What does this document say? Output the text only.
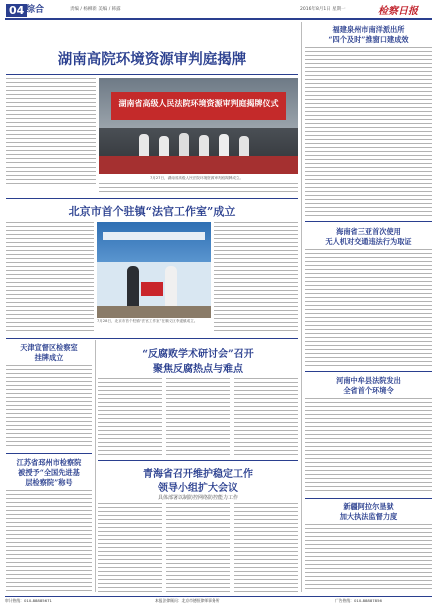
04 综合	责编 / 杨柳新 美编 / 韩露	2016年8月1日 星期一	检察日报
湖南高院环境资源审判庭揭牌
湖南省高级人民法院环境资源审判庭揭牌仪式
7月27日，湖南省高级人民法院环境资源审判庭揭牌成立。
福建泉州市南洋派出所
“四个及时”推窗口建成效
海南省三亚首次使用
无人机对交通违法行为取证
河南中牟县法院发出
全省首个环境令
新疆阿拉尔垦狱
加大执法监督力度
北京市首个驻镇“法官工作室”成立
7月28日，北京市首个驻镇“法官工作室”在顺义区李遂镇成立。
天津宣督区检察室
挂牌成立
江苏省邳州市检察院
被授予“全国先进基
层检察院”称号
“反腐败学术研讨会”召开
聚焦反腐热点与难点
青海省召开维护稳定工作
领导小组扩大会议
具体部署以制防控网络防控能力工作
审计热线：010-88885671	本报法律顾问：北京市德恒律师事务所	广告热线：010-88887856
